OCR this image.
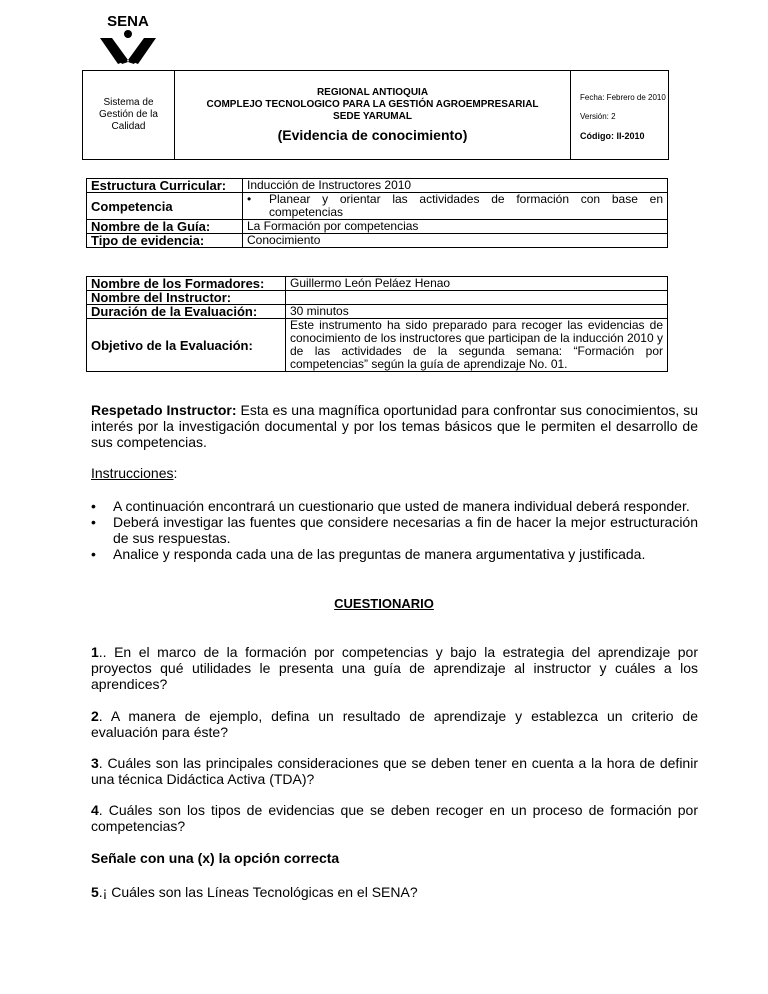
SENA
Sistema de
Gestión de la
Calidad
REGIONAL ANTIOQUIA
COMPLEJO TECNOLOGICO PARA LA GESTIÓN AGROEMPRESARIAL
SEDE YARUMAL
(Evidencia de conocimiento)
Fecha: Febrero de 2010
Versión: 2
Código: II-2010
Estructura Curricular:	Inducción de Instructores 2010
Competencia	• Planear y orientar las actividades de formación con base en competencias

Nombre de la Guía:	La Formación por competencias
Tipo de evidencia:	Conocimiento
Nombre de los Formadores:	Guillermo León Peláez Henao
Nombre del Instructor:	
Duración de la Evaluación:	30 minutos
Objetivo de la Evaluación:	Este instrumento ha sido preparado para recoger las evidencias de conocimiento de los instructores que participan de la inducción 2010 y de las actividades de la segunda semana: “Formación por competencias” según la guía de aprendizaje No. 01.
Respetado Instructor: Esta es una magnífica oportunidad para confrontar sus conocimientos, su interés por la investigación documental y por los temas básicos que le permiten el desarrollo de sus competencias.
Instrucciones:
•	A continuación encontrará un cuestionario que usted de manera individual deberá responder.
•	Deberá investigar las fuentes que considere necesarias a fin de hacer la mejor estructuración de sus respuestas.
•	Analice y responda cada una de las preguntas de manera argumentativa y justificada.
CUESTIONARIO
1.. En el marco de la formación por competencias y bajo la estrategia del aprendizaje por proyectos qué utilidades le presenta una guía de aprendizaje al instructor y cuáles a los aprendices?
2. A manera de ejemplo, defina un resultado de aprendizaje y establezca un criterio de evaluación para éste?
3. Cuáles son las principales consideraciones que se deben tener en cuenta a la hora de definir una técnica Didáctica Activa (TDA)?
4. Cuáles son los tipos de evidencias que se deben recoger en un proceso de formación por competencias?
Señale con una (x) la opción correcta
5.¡ Cuáles son las Líneas Tecnológicas en el SENA?
